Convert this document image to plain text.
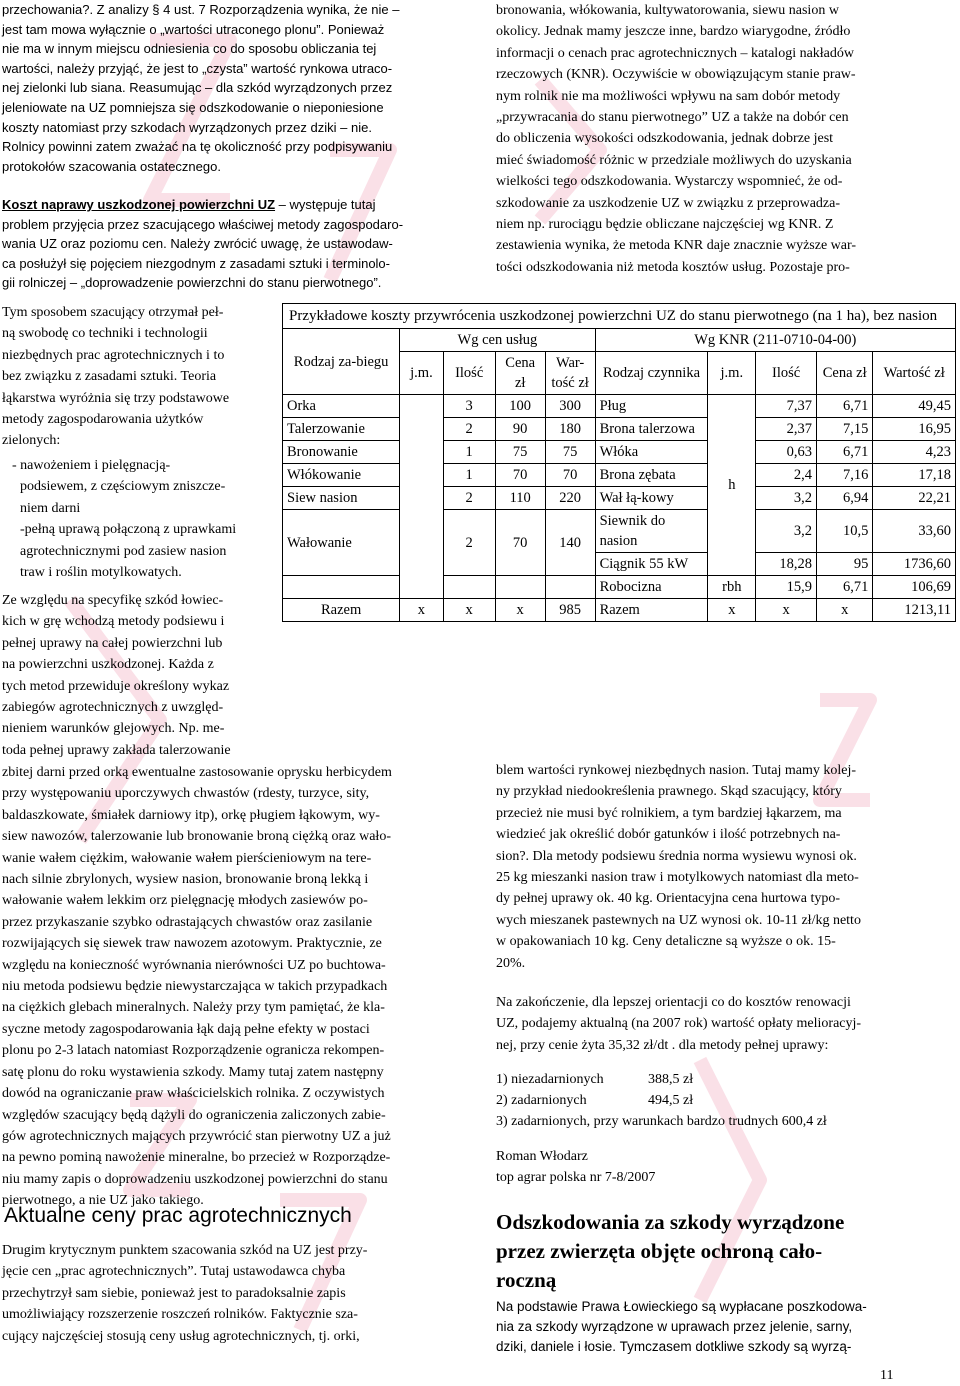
przechowania?. Z analizy § 4 ust. 7 Rozporządzenia wynika, że nie –
jest tam mowa wyłącznie o „wartości utraconego plonu”. Ponieważ
nie ma w innym miejscu odniesienia co do sposobu obliczania tej
wartości, należy przyjąć, że jest to „czysta” wartość rynkowa utraco-
nej zielonki lub siana. Reasumując – dla szkód wyrządzonych przez
jeleniowate na UZ pomniejsza się odszkodowanie o nieponiesione
koszty natomiast przy szkodach wyrządzonych przez dziki – nie.
Rolnicy powinni zatem zważać na tę okoliczność przy podpisywaniu
protokołów szacowania ostatecznego.
Koszt naprawy uszkodzonej powierzchni UZ – występuje tutaj
problem przyjęcia przez szacującego właściwej metody zagospodaro-
wania UZ oraz poziomu cen. Należy zwrócić uwagę, że ustawodaw-
ca posłużył się pojęciem niezgodnym z zasadami sztuki i terminolo-
gii rolniczej – „doprowadzenie powierzchni do stanu pierwotnego”.
Tym sposobem szacujący otrzymał peł-
ną swobodę co techniki i technologii
niezbędnych prac agrotechnicznych i to
bez związku z zasadami sztuki. Teoria
łąkarstwa wyróżnia się trzy podstawowe
metody zagospodarowania użytków
zielonych:
- nawożeniem i pielęgnacją-
podsiewem, z częściowym zniszcze-
niem darni
-pełną uprawą połączoną z uprawkami
agrotechnicznymi pod zasiew nasion
traw i roślin motylkowatych.
Ze względu na specyfikę szkód łowiec-
kich w grę wchodzą metody podsiewu i
pełnej uprawy na całej powierzchni lub
na powierzchni uszkodzonej. Każda z
tych metod przewiduje określony wykaz
zabiegów agrotechnicznych z uwzględ-
nieniem warunków glejowych. Np. me-
toda pełnej uprawy zakłada talerzowanie
zbitej darni przed orką ewentualne zastosowanie oprysku herbicydem
przy występowaniu uporczywych chwastów (rdesty, turzyce, sity,
baldaszkowate, śmiałek darniowy itp), orkę pługiem łąkowym, wy-
siew nawozów, talerzowanie lub bronowanie broną ciężką oraz wało-
wanie wałem ciężkim, wałowanie wałem pierścieniowym na tere-
nach silnie zbrylonych, wysiew nasion, bronowanie broną lekką i
wałowanie wałem lekkim orz pielęgnację młodych zasiewów po-
przez przykaszanie szybko odrastających chwastów oraz zasilanie
rozwijających się siewek traw nawozem azotowym. Praktycznie, ze
względu na konieczność wyrównania nierówności UZ po buchtowa-
niu metoda podsiewu będzie niewystarczająca w takich przypadkach
na ciężkich glebach mineralnych. Należy przy tym pamiętać, że kla-
syczne metody zagospodarowania łąk dają pełne efekty w postaci
plonu po 2-3 latach natomiast Rozporządzenie ogranicza rekompen-
satę plonu do roku wystawienia szkody. Mamy tutaj zatem następny
dowód na ograniczanie praw właścicielskich rolnika. Z oczywistych
względów szacujący będą dążyli do ograniczenia zaliczonych zabie-
gów agrotechnicznych mających przywrócić stan pierwotny UZ a już
na pewno pominą nawożenie mineralne, bo przecież w Rozporządze-
niu mamy zapis o doprowadzeniu uszkodzonej powierzchni do stanu
pierwotnego, a nie UZ jako takiego.
Aktualne ceny prac agrotechnicznych
Drugim krytycznym punktem szacowania szkód na UZ jest przy-
jęcie cen „prac agrotechnicznych”. Tutaj ustawodawca chyba
przechytrzył sam siebie, ponieważ jest to paradoksalnie zapis
umożliwiający rozszerzenie roszczeń rolników. Faktycznie sza-
cujący najczęściej stosują ceny usług agrotechnicznych, tj. orki,
bronowania, włókowania, kultywatorowania, siewu nasion w
okolicy. Jednak mamy jeszcze inne, bardzo wiarygodne, źródło
informacji o cenach prac agrotechnicznych – katalogi nakładów
rzeczowych (KNR). Oczywiście w obowiązującym stanie praw-
nym rolnik nie ma możliwości wpływu na sam dobór metody
„przywracania do stanu pierwotnego” UZ a także na dobór cen
do obliczenia wysokości odszkodowania, jednak dobrze jest
mieć świadomość różnic w przedziale możliwych do uzyskania
wielkości tego odszkodowania. Wystarczy wspomnieć, że od-
szkodowanie za uszkodzenie UZ w związku z przeprowadza-
niem np. rurociągu będzie obliczane najczęściej wg KNR. Z
zestawienia wynika, że metoda KNR daje znacznie wyższe war-
tości odszkodowania niż metoda kosztów usług. Pozostaje pro-
Przykładowe koszty przywrócenia uszkodzonej powierzchni UZ do stanu pierwotnego (na 1 ha), bez nasion									
Rodzaj za-biegu	Wg cen usług				Wg KNR (211-0710-04-00)				
	j.m.	Ilość	Cena zł	War-tość zł	Rodzaj czynnika	j.m.	Ilość	Cena zł	Wartość zł
Orka		3	100	300	Pług	h	7,37	6,71	49,45
Talerzowanie		2	90	180	Brona talerzowa		2,37	7,15	16,95
Bronowanie		1	75	75	Włóka		0,63	6,71	4,23
Włókowanie		1	70	70	Brona zębata		2,4	7,16	17,18
Siew nasion		2	110	220	Wał łą-kowy		3,2	6,94	22,21
Wałowanie		2	70	140	Siewnik do nasion		3,2	10,5	33,60
					Ciągnik 55 kW		18,28	95	1736,60
					Robocizna	rbh	15,9	6,71	106,69
Razem	x	x	x	985	Razem	x	x	x	1213,11
blem wartości rynkowej niezbędnych nasion. Tutaj mamy kolej-
ny przykład niedookreślenia prawnego. Skąd szacujący, który
przecież nie musi być rolnikiem, a tym bardziej łąkarzem, ma
wiedzieć jak określić dobór gatunków i ilość potrzebnych na-
sion?. Dla metody podsiewu średnia norma wysiewu wynosi ok.
25 kg mieszanki nasion traw i motylkowych natomiast dla meto-
dy pełnej uprawy ok. 40 kg. Orientacyjna cena hurtowa typo-
wych mieszanek pastewnych na UZ wynosi ok. 10-11 zł/kg netto
w opakowaniach 10 kg. Ceny detaliczne są wyższe o ok. 15-
20%.
Na zakończenie, dla lepszej orientacji co do kosztów renowacji
UZ, podajemy aktualną (na 2007 rok) wartość opłaty melioracyj-
nej, przy cenie żyta 35,32 zł/dt . dla metody pełnej uprawy:
1) niezadarnionych	388,5 zł
2) zadarnionych	494,5 zł
3) zadarnionych, przy warunkach bardzo trudnych 600,4 zł
Roman Włodarz
top agrar polska nr 7-8/2007
Odszkodowania za szkody wyrządzone
przez zwierzęta objęte ochroną cało-
roczną
Na podstawie Prawa Łowieckiego są wypłacane poszkodowa-
nia za szkody wyrządzone w uprawach przez jelenie, sarny,
dziki, daniele i łosie. Tymczasem dotkliwe szkody są wyrzą-
11
